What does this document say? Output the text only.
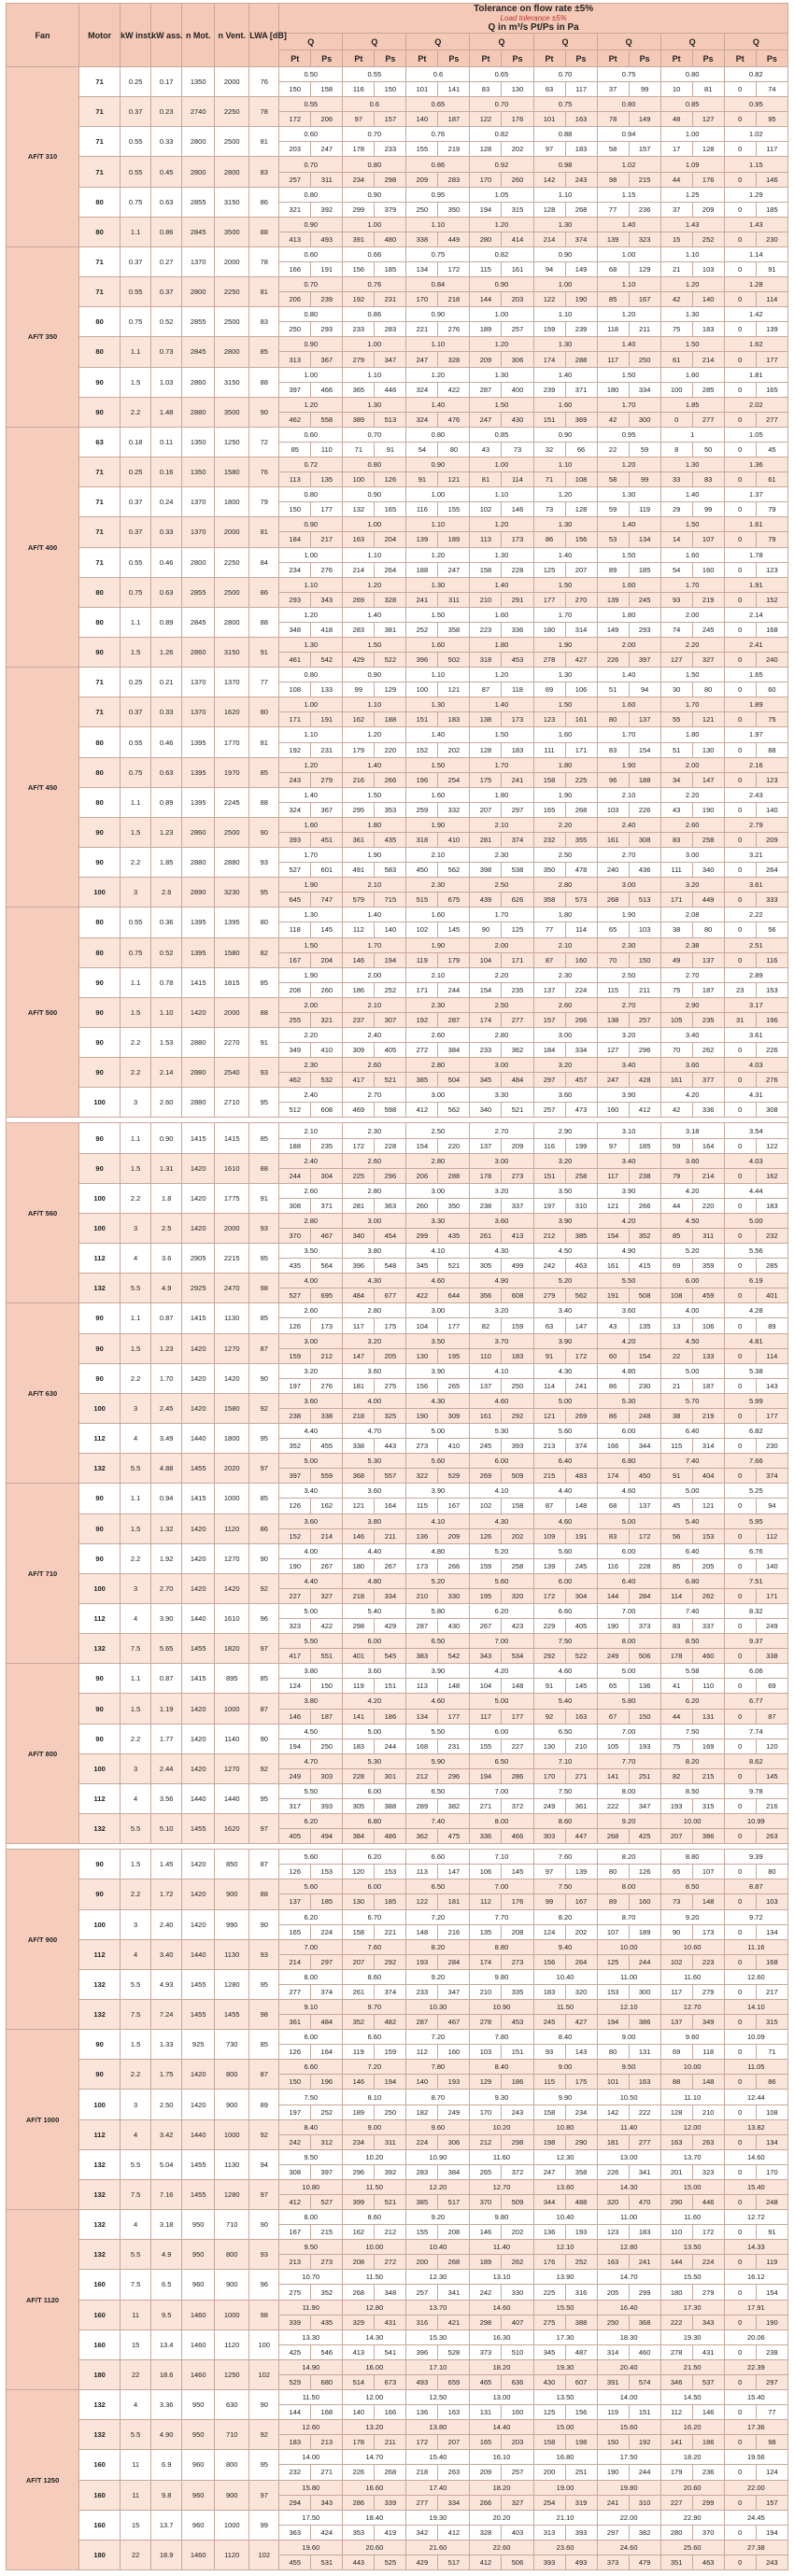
Fan	Motor	kW inst.	kW ass.	n Mot.	n Vent.	LWA [dB]	Tolerance on flow rate ±5%
Load tolerance ±5%
Q in m³/s Pt/Ps in Pa															

							Q		Q		Q		Q		Q		Q		Q		Q	
							Pt	Ps	Pt	Ps	Pt	Ps	Pt	Ps	Pt	Ps	Pt	Ps	Pt	Ps	Pt	Ps
AF/T 310	71	0.25	0.17	1350	2000	76	0.50		0.55		0.6		0.65		0.70		0.75		0.80		0.82	
							150	158	116	150	101	141	83	130	63	117	37	99	10	81	0	74
	71	0.37	0.23	2740	2250	78	0.55		0.6		0.65		0.70		0.75		0.80		0.85		0.95	
							172	206	97	157	140	187	122	176	101	163	78	149	48	127	0	95
	71	0.55	0.33	2800	2500	81	0.60		0.70		0.76		0.82		0.88		0.94		1.00		1.02	
							203	247	178	233	155	219	128	202	97	183	58	157	17	128	0	117
	71	0.55	0.45	2800	2800	83	0.70		0.80		0.86		0.92		0.98		1.02		1.09		1.15	
							257	311	234	298	209	283	170	260	142	243	98	215	44	176	0	146
	80	0.75	0.63	2855	3150	86	0.80		0.90		0.95		1.05		1.10		1.15		1.25		1.29	
							321	392	299	379	250	350	194	315	128	268	77	236	37	209	0	185
	80	1.1	0.86	2845	3500	88	0.90		1.00		1.10		1.20		1.30		1.40		1.43		1.43	
							413	493	391	480	338	449	280	414	214	374	139	323	15	252	0	230
AF/T 350	71	0.37	0.27	1370	2000	78	0.60		0.66		0.75		0.82		0.90		1.00		1.10		1.14	
							166	191	156	185	134	172	115	161	94	149	68	129	21	103	0	91
	71	0.55	0.37	2800	2250	81	0.70		0.76		0.84		0.90		1.00		1.10		1.20		1.28	
							206	239	192	231	170	218	144	203	122	190	85	167	42	140	0	114
	80	0.75	0.52	2855	2500	83	0.80		0.86		0.90		1.00		1.10		1.20		1.30		1.42	
							250	293	233	283	221	276	189	257	159	239	118	211	75	183	0	139
	80	1.1	0.73	2845	2800	85	0.90		1.00		1.10		1.20		1.30		1.40		1.50		1.62	
							313	367	279	347	247	328	209	306	174	288	117	250	61	214	0	177
	90	1.5	1.03	2860	3150	88	1.00		1.10		1.20		1.30		1.40		1.50		1.60		1.81	
							397	466	365	446	324	422	287	400	239	371	180	334	100	285	0	165
	90	2.2	1.48	2880	3500	90	1.20		1.30		1.40		1.50		1.60		1.70		1.85		2.02	
							462	558	389	513	324	476	247	430	151	369	42	300	0	277	0	277
AF/T 400	63	0.18	0.11	1350	1250	72	0.60		0.70		0.80		0.85		0.90		0.95		1		1.05	
							85	110	71	91	54	80	43	73	32	66	22	59	8	50	0	45
	71	0.25	0.16	1350	1580	76	0.72		0.80		0.90		1.00		1.10		1.20		1.30		1.36	
							113	135	100	126	91	121	81	114	71	108	58	99	33	83	0	61
	71	0.37	0.24	1370	1800	79	0.80		0.90		1.00		1.10		1.20		1.30		1.40		1.37	
							150	177	132	165	116	155	102	146	73	128	59	119	29	99	0	79
	71	0.37	0.33	1370	2000	81	0.90		1.00		1.10		1.20		1.30		1.40		1.50		1.61	
							184	217	163	204	139	189	113	173	86	156	53	134	14	107	0	79
	71	0.55	0.46	2800	2250	84	1.00		1.10		1.20		1.30		1.40		1.50		1.60		1.78	
							234	276	214	264	188	247	158	228	125	207	89	185	54	160	0	123
	80	0.75	0.63	2855	2500	86	1.10		1.20		1.30		1.40		1.50		1.60		1.70		1.91	
							293	343	269	328	241	311	210	291	177	270	139	245	93	219	0	152
	80	1.1	0.89	2845	2800	88	1.20		1.40		1.50		1.60		1.70		1.80		2.00		2.14	
							348	418	283	381	252	358	223	336	180	314	149	293	74	245	0	168
	90	1.5	1.26	2860	3150	91	1.30		1.50		1.60		1.80		1.90		2.00		2.20		2.41	
							461	542	429	522	396	502	318	453	278	427	226	397	127	327	0	240
AF/T 450	71	0.25	0.21	1370	1370	77	0.80		0.90		1.10		1.20		1.30		1.40		1.50		1.65	
							108	133	99	129	100	121	87	118	69	106	51	94	30	80	0	60
	71	0.37	0.33	1370	1620	80	1.00		1.10		1.30		1.40		1.50		1.60		1.70		1.89	
							171	191	162	188	151	183	138	173	123	161	80	137	55	121	0	75
	80	0.55	0.46	1395	1770	81	1.10		1.20		1.40		1.50		1.60		1.70		1.80		1.97	
							192	231	179	220	152	202	128	183	111	171	83	154	51	130	0	88
	80	0.75	0.63	1395	1970	85	1.20		1.40		1.50		1.70		1.80		1.90		2.00		2.16	
							243	279	216	266	196	254	175	241	158	225	96	188	34	147	0	123
	80	1.1	0.89	1395	2245	88	1.40		1.50		1.60		1.80		1.90		2.10		2.20		2.43	
							324	367	295	353	259	332	207	297	165	268	103	226	43	190	0	140
	90	1.5	1.23	2860	2500	90	1.60		1.80		1.90		2.10		2.20		2.40		2.60		2.79	
							393	451	361	435	318	410	281	374	232	355	161	308	83	258	0	209
	90	2.2	1.85	2880	2880	93	1.70		1.90		2.10		2.30		2.50		2.70		3.00		3.21	
							527	601	491	583	450	562	398	538	350	478	240	436	111	340	0	264
	100	3	2.6	2890	3230	95	1.90		2.10		2.30		2.50		2.80		3.00		3.20		3.61	
							645	747	579	715	515	675	439	626	358	573	268	513	171	449	0	333
AF/T 500	80	0.55	0.36	1395	1395	80	1.30		1.40		1.60		1.70		1.80		1.90		2.08		2.22	
							118	145	112	140	102	145	90	125	77	114	65	103	38	80	0	56
	80	0.75	0.52	1395	1580	82	1.50		1.70		1.90		2.00		2.10		2.30		2.38		2.51	
							167	204	146	194	119	179	104	171	87	160	70	150	49	137	0	116
	90	1.1	0.78	1415	1815	85	1.90		2.00		2.10		2.20		2.30		2.50		2.70		2.89	
							208	260	186	252	171	244	154	235	137	224	115	211	75	187	23	153
	90	1.5	1.10	1420	2000	88	2.00		2.10		2.30		2.50		2.60		2.70		2.90		3.17	
							255	321	237	307	192	287	174	277	157	266	138	257	105	235	31	196
	90	2.2	1.53	2880	2270	91	2.20		2.40		2.60		2.80		3.00		3.20		3.40		3.61	
							349	410	309	405	272	384	233	362	184	334	127	296	70	262	0	226
	90	2.2	2.14	2880	2540	93	2.30		2.60		2.80		3.00		3.20		3.40		3.60		4.03	
							462	532	417	521	385	504	345	484	297	457	247	428	161	377	0	276
	100	3	2.60	2880	2710	95	2.40		2.70		3.00		3.30		3.60		3.90		4.20		4.31	
							512	608	469	598	412	562	340	521	257	473	160	412	42	336	0	308

AF/T 560	90	1.1	0.90	1415	1415	85	2.10		2.30		2.50		2.70		2.90		3.10		3.18		3.54	
							188	235	172	228	154	220	137	209	116	199	97	185	59	164	0	122
	90	1.5	1.31	1420	1610	88	2.40		2.60		2.80		3.00		3.20		3.40		3.60		4.03	
							244	304	225	296	206	288	178	273	151	258	117	238	79	214	0	162
	100	2.2	1.8	1420	1775	91	2.60		2.80		3.00		3.20		3.50		3.90		4.20		4.44	
							308	371	281	363	260	350	238	337	197	310	121	266	44	220	0	183
	100	3	2.5	1420	2000	93	2.80		3.00		3.30		3.60		3.90		4.20		4.50		5.00	
							370	467	340	454	299	435	261	413	212	385	154	352	85	311	0	232
	112	4	3.6	2905	2215	95	3.50		3.80		4.10		4.30		4.50		4.90		5.20		5.56	
							435	564	396	548	345	521	305	499	242	463	161	415	69	359	0	285
	132	5.5	4.9	2925	2470	98	4.00		4.30		4.60		4.90		5.20		5.50		6.00		6.19	
							527	695	484	677	422	644	356	608	279	562	191	508	108	459	0	401
AF/T 630	90	1.1	0.87	1415	1130	85	2.60		2.80		3.00		3.20		3.40		3.60		4.00		4.28	
							126	173	117	175	104	177	82	159	63	147	43	135	13	106	0	89
	90	1.5	1.23	1420	1270	87	3.00		3.20		3.50		3.70		3.90		4.20		4.50		4.81	
							159	212	147	205	130	195	110	183	91	172	60	154	22	133	0	114
	90	2.2	1.70	1420	1420	90	3.20		3.60		3.90		4.10		4.30		4.80		5.00		5.38	
							197	276	181	275	156	265	137	250	114	241	86	230	21	187	0	143
	100	3	2.45	1420	1580	92	3.60		4.00		4.30		4.60		5.00		5.30		5.70		5.99	
							238	338	218	325	190	309	161	292	121	269	86	248	38	219	0	177
	112	4	3.49	1440	1800	95	4.40		4.70		5.00		5.30		5.60		6.00		6.40		6.82	
							352	455	338	443	273	410	245	393	213	374	166	344	115	314	0	230
	132	5.5	4.88	1455	2020	97	5.00		5.30		5.60		6.00		6.40		6.80		7.40		7.66	
							397	559	368	557	322	529	269	509	215	483	174	450	91	404	0	374
AF/T 710	90	1.1	0.94	1415	1000	85	3.40		3.60		3.90		4.10		4.40		4.60		5.00		5.25	
							126	162	121	164	115	167	102	158	87	148	68	137	45	121	0	94
	90	1.5	1.32	1420	1120	86	3.60		3.80		4.10		4.30		4.60		5.00		5.40		5.95	
							152	214	146	211	136	209	126	202	109	191	83	172	56	153	0	112
	90	2.2	1.92	1420	1270	90	4.00		4.40		4.80		5.20		5.60		6.00		6.40		6.76	
							190	267	180	267	173	266	159	258	139	245	116	228	85	205	0	140
	100	3	2.70	1420	1420	92	4.40		4.80		5.20		5.60		6.00		6.40		6.80		7.51	
							227	327	218	334	210	330	195	320	172	304	144	284	114	262	0	171
	112	4	3.90	1440	1610	96	5.00		5.40		5.80		6.20		6.60		7.00		7.40		8.32	
							323	422	298	429	287	430	267	423	229	405	190	373	83	337	0	249
	132	7.5	5.65	1455	1820	97	5.50		6.00		6.50		7.00		7.50		8.00		8.50		9.37	
							417	551	401	545	383	542	343	534	292	522	249	506	178	460	0	338
AF/T 800	90	1.1	0.87	1415	895	85	3.80		3.60		3.90		4.20		4.60		5.00		5.58		6.06	
							124	150	119	151	113	148	104	148	91	145	65	136	41	110	0	69
	90	1.5	1.19	1420	1000	87	3.80		4.20		4.60		5.00		5.40		5.80		6.20		6.77	
							146	187	141	186	134	177	117	177	92	163	67	150	44	131	0	87
	90	2.2	1.77	1420	1140	90	4.50		5.00		5.50		6.00		6.50		7.00		7.50		7.74	
							194	250	183	244	168	231	155	227	130	210	105	193	75	169	0	120
	100	3	2.44	1420	1270	92	4.70		5.30		5.90		6.50		7.10		7.70		8.20		8.62	
							249	303	228	301	212	296	194	286	170	271	141	251	82	215	0	145
	112	4	3.56	1440	1440	95	5.50		6.00		6.50		7.00		7.50		8.00		8.50		9.78	
							317	393	305	388	289	382	271	372	249	361	222	347	193	315	0	216
	132	5.5	5.10	1455	1620	97	6.20		6.80		7.40		8.00		8.60		9.20		10.00		10.99	
							405	494	384	486	362	475	336	466	303	447	268	425	207	386	0	263

AF/T 900	90	1.5	1.45	1420	850	87	5.60		6.20		6.60		7.10		7.60		8.20		8.80		9.39	
							126	153	120	153	113	147	106	145	97	139	80	126	65	107	0	80
	90	2.2	1.72	1420	900	88	5.60		6.00		6.50		7.00		7.50		8.00		8.50		8.87	
							137	185	130	185	122	181	112	176	99	167	89	160	73	148	0	103
	100	3	2.40	1420	990	90	6.20		6.70		7.20		7.70		8.20		8.70		9.20		9.72	
							165	224	158	221	148	216	135	208	124	202	107	189	90	173	0	134
	112	4	3.40	1440	1130	93	7.00		7.60		8.20		8.80		9.40		10.00		10.60		11.16	
							214	297	207	292	193	284	174	273	156	264	125	244	102	223	0	168
	132	5.5	4.93	1455	1280	95	8.00		8.60		9.20		9.80		10.40		11.00		11.60		12.60	
							277	374	261	374	233	347	210	335	183	320	153	300	117	279	0	217
	132	7.5	7.24	1455	1455	98	9.10		9.70		10.30		10.90		11.50		12.10		12.70		14.10	
							361	484	352	482	287	467	278	453	245	427	194	386	137	349	0	315
AF/T 1000	90	1.5	1.33	925	730	85	6.00		6.60		7.20		7.80		8.40		9.00		9.60		10.09	
							126	164	119	159	112	160	103	151	93	143	80	131	69	118	0	71
	90	2.2	1.75	1420	800	87	6.60		7.20		7.80		8.40		9.00		9.50		10.00		11.05	
							150	196	146	194	140	193	129	186	115	175	101	163	88	148	0	86
	100	3	2.50	1420	900	89	7.50		8.10		8.70		9.30		9.90		10.50		11.10		12.44	
							197	252	189	250	182	249	170	243	158	234	142	222	128	210	0	108
	112	4	3.42	1440	1000	92	8.40		9.00		9.60		10.20		10.80		11.40		12.00		13.82	
							242	312	234	311	224	306	212	298	198	290	181	277	163	263	0	134
	132	5.5	5.04	1455	1130	94	9.50		10.20		10.90		11.60		12.30		13.00		13.70		14.60	
							308	397	296	392	283	384	265	372	247	358	226	341	201	323	0	170
	132	7.5	7.16	1455	1280	97	10.80		11.50		12.20		12.70		13.60		14.30		15.00		15.40	
							412	527	399	521	385	517	370	509	344	488	320	470	290	446	0	248
AF/T 1120	132	4	3.18	950	710	90	8.00		8.60		9.20		9.80		10.40		11.00		11.60		12.72	
							167	215	162	212	155	208	146	202	136	193	123	183	110	172	0	91
	132	5.5	4.9	950	800	93	9.50		10.00		10.40		11.40		12.10		12.80		13.50		14.33	
							213	273	208	272	200	268	189	262	176	252	163	241	144	224	0	119
	160	7.5	6.5	960	900	96	10.70		11.50		12.30		13.10		13.90		14.70		15.50		16.12	
							275	352	268	348	257	341	242	330	225	316	205	299	180	279	0	154
	160	11	9.5	1460	1000	98	11.90		12.80		13.70		14.60		15.50		16.40		17.30		17.91	
							339	435	329	431	316	421	298	407	275	388	250	368	222	343	0	190
	160	15	13.4	1460	1120	100	13.30		14.30		15.30		16.30		17.30		18.30		19.30		20.06	
							425	546	413	541	396	528	373	510	345	487	314	460	278	431	0	238
	180	22	18.6	1460	1250	102	14.90		16.00		17.10		18.20		19.30		20.40		21.50		22.39	
							529	680	514	673	493	659	465	636	430	607	391	574	346	537	0	297
AF/T 1250	132	4	3.36	950	630	90	11.50		12.00		12.50		13.00		13.50		14.00		14.50		15.40	
							144	168	140	166	136	163	131	160	125	156	119	151	112	146	0	77
	132	5.5	4.90	950	710	92	12.60		13.20		13.80		14.40		15.00		15.60		16.20		17.36	
							183	213	178	211	172	207	165	203	158	198	150	192	141	186	0	98
	160	11	6.9	960	800	95	14.00		14.70		15.40		16.10		16.80		17.50		18.20		19.56	
							232	271	226	268	218	263	209	257	200	251	190	244	179	236	0	124
	160	11	9.8	960	900	97	15.80		16.60		17.40		18.20		19.00		19.80		20.60		22.00	
							294	343	286	339	277	334	266	327	254	319	241	310	227	299	0	157
	160	15	13.7	960	1000	99	17.50		18.40		19.30		20.20		21.10		22.00		22.90		24.45	
							363	424	353	419	342	412	328	403	313	393	297	382	280	370	0	194
	180	22	18.9	1460	1120	102	19.60		20.60		21.60		22.60		23.60		24.60		25.60		27.38	
							455	531	443	525	429	517	412	506	393	493	373	479	351	463	0	243
